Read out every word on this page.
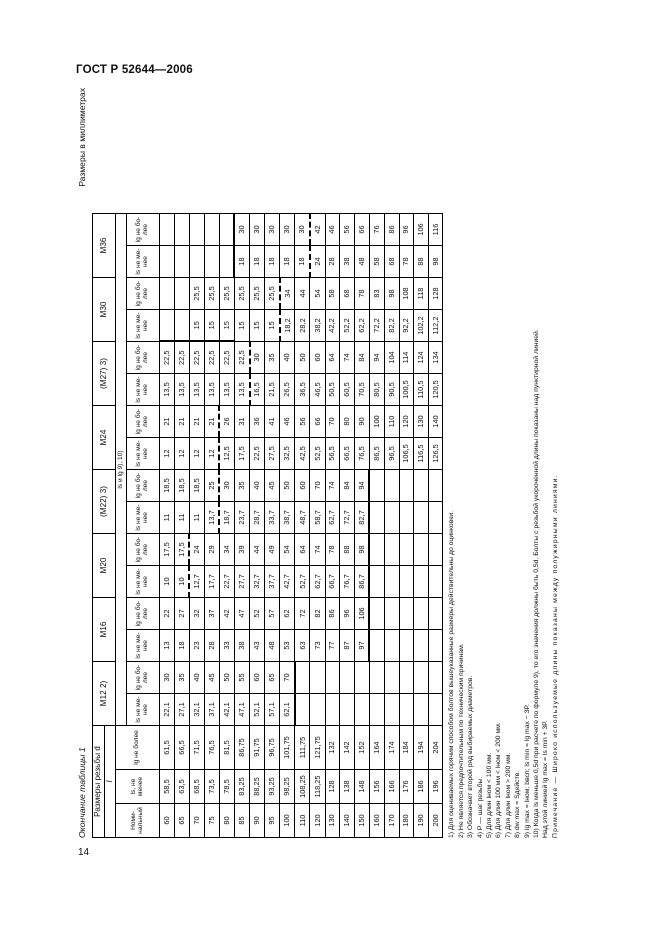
ГОСТ Р 52644—2006
Окончание таблицы 1
Размеры в миллиметрах
Размеры резьбы d			M12 2)		M16		M20		(M22) 3)		M24		(M27) 3)		M30		M36	
l																		
Номи-нальный	ls, не менее	lg не более	ls и lg 9), 10)															
			ls не ме-нее	lg не бо-лее	ls не ме-нее	lg не бо-лее	ls не ме-нее	lg не бо-лее	ls не ме-нее	lg не бо-лее	ls не ме-нее	lg не бо-лее	ls не ме-нее	lg не бо-лее	ls не ме-нее	lg не бо-лее	ls не ме-нее	lg не бо-лее
60	58,5	61,5	22,1	30	13	22	10	17,5	11	18,5	12	21	13,5	22,5				
65	63,5	66,5	27,1	35	18	27	10	17,5	11	18,5	12	21	13,5	22,5				
70	68,5	71,5	32,1	40	23	32	12,7	24	11	18,5	12	21	13,5	22,5	15	25,5		
75	73,5	76,5	37,1	45	28	37	17,7	29	13,7	25	12	21	13,5	22,5	15	25,5		
80	78,5	81,5	42,1	50	33	42	22,7	34	18,7	30	12,5	26	13,5	22,5	15	25,5		
85	83,25	86,75	47,1	55	38	47	27,7	39	23,7	35	17,5	31	13,5	22,5	15	25,5	18	30
90	88,25	91,75	52,1	60	43	52	32,7	44	28,7	40	22,5	36	16,5	30	15	25,5	18	30
95	93,25	96,75	57,1	65	48	57	37,7	49	33,7	45	27,5	41	21,5	35	15	25,5	18	30
100	98,25	101,75	62,1	70	53	62	42,7	54	38,7	50	32,5	46	26,5	40	18,2	34	18	30
110	108,25	111,75			63	72	52,7	64	48,7	60	42,5	56	36,5	50	28,2	44	18	30
120	118,25	121,75			73	82	62,7	74	58,7	70	52,5	66	46,5	60	38,2	54	24	42
130	128	132			77	86	66,7	78	62,7	74	56,5	70	50,5	64	42,2	58	28	46
140	138	142			87	96	76,7	88	72,7	84	66,5	80	60,5	74	52,2	68	38	56
150	148	152			97	106	86,7	98	82,7	94	76,5	90	70,5	84	62,2	78	48	66
160	156	164									86,5	100	80,5	94	72,2	83	58	76
170	166	174									96,5	110	90,5	104	82,2	98	68	86
180	176	184									106,5	120	100,5	114	92,2	108	78	96
190	186	194									116,5	130	110,5	124	102,2	118	88	106
200	196	204									126,5	140	120,5	134	112,2	128	98	116
1) Для оцениваемых горячим способом болтов вышеуказанные размеры действительны до оцинковки. 2) Не является предпочтительным по техническим причинам. 3) Обозначает второй ряд выбираемых диаметров. 4) P — шаг резьбы. 5) Для длин lном < 100 мм. 6) Для длин 100 мм < lном < 200 мм. 7) Для длин lном > 200 мм. 8) dw max = Sдейств. 9) lg max = lном; bвсп; ls min = lg max − 3P. 10) Когда ls меньше 0,5d при расчете по формуле 9), то его значения должны быть 0,5d. Болты с резьбой укороченной длины показаны над пунктирной линией. Над этой линией lg max = ls min + 3P. Примечание — Широко используемые длины показаны между полужирными линиями.
14
